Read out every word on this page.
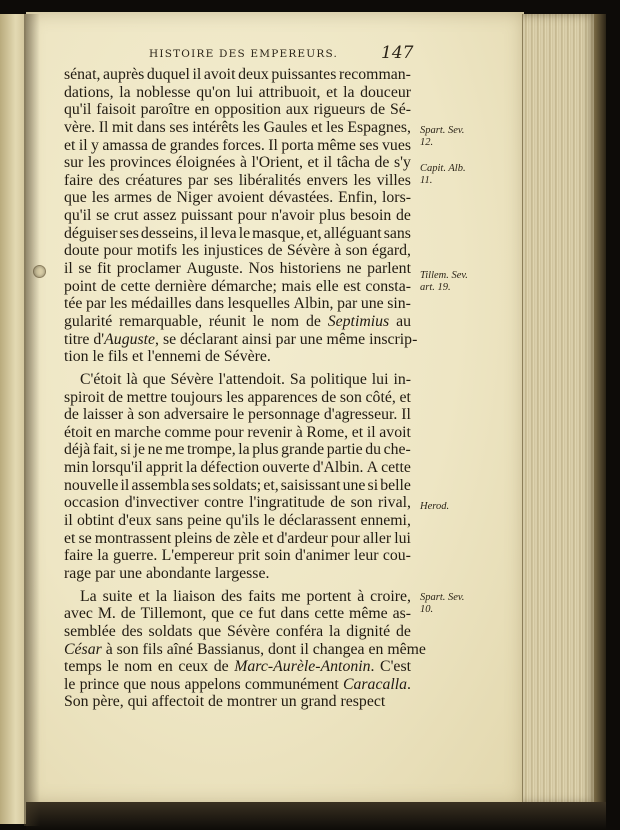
HISTOIRE DES EMPEREURS.	147
sénat, auprès duquel il avoit deux puissantes recomman-
dations, la noblesse qu'on lui attribuoit, et la douceur
qu'il faisoit paroître en opposition aux rigueurs de Sé-
vère. Il mit dans ses intérêts les Gaules et les Espagnes,
et il y amassa de grandes forces. Il porta même ses vues
sur les provinces éloignées à l'Orient, et il tâcha de s'y
faire des créatures par ses libéralités envers les villes
que les armes de Niger avoient dévastées. Enfin, lors-
qu'il se crut assez puissant pour n'avoir plus besoin de
déguiser ses desseins, il leva le masque, et, alléguant sans
doute pour motifs les injustices de Sévère à son égard,
il se fit proclamer Auguste. Nos historiens ne parlent
point de cette dernière démarche; mais elle est consta-
tée par les médailles dans lesquelles Albin, par une sin-
gularité remarquable, réunit le nom de Septimius au
titre d'Auguste, se déclarant ainsi par une même inscrip-
tion le fils et l'ennemi de Sévère.
C'étoit là que Sévère l'attendoit. Sa politique lui in-
spiroit de mettre toujours les apparences de son côté, et
de laisser à son adversaire le personnage d'agresseur. Il
étoit en marche comme pour revenir à Rome, et il avoit
déjà fait, si je ne me trompe, la plus grande partie du che-
min lorsqu'il apprit la défection ouverte d'Albin. A cette
nouvelle il assembla ses soldats; et, saisissant une si belle
occasion d'invectiver contre l'ingratitude de son rival,
il obtint d'eux sans peine qu'ils le déclarassent ennemi,
et se montrassent pleins de zèle et d'ardeur pour aller lui
faire la guerre. L'empereur prit soin d'animer leur cou-
rage par une abondante largesse.
La suite et la liaison des faits me portent à croire,
avec M. de Tillemont, que ce fut dans cette même as-
semblée des soldats que Sévère conféra la dignité de
César à son fils aîné Bassianus, dont il changea en même
temps le nom en ceux de Marc-Aurèle-Antonin. C'est
le prince que nous appelons communément Caracalla.
Son père, qui affectoit de montrer un grand respect
Spart. Sev.
12.
Capit. Alb.
11.
Tillem. Sev.
art. 19.
Herod.
Spart. Sev.
10.
